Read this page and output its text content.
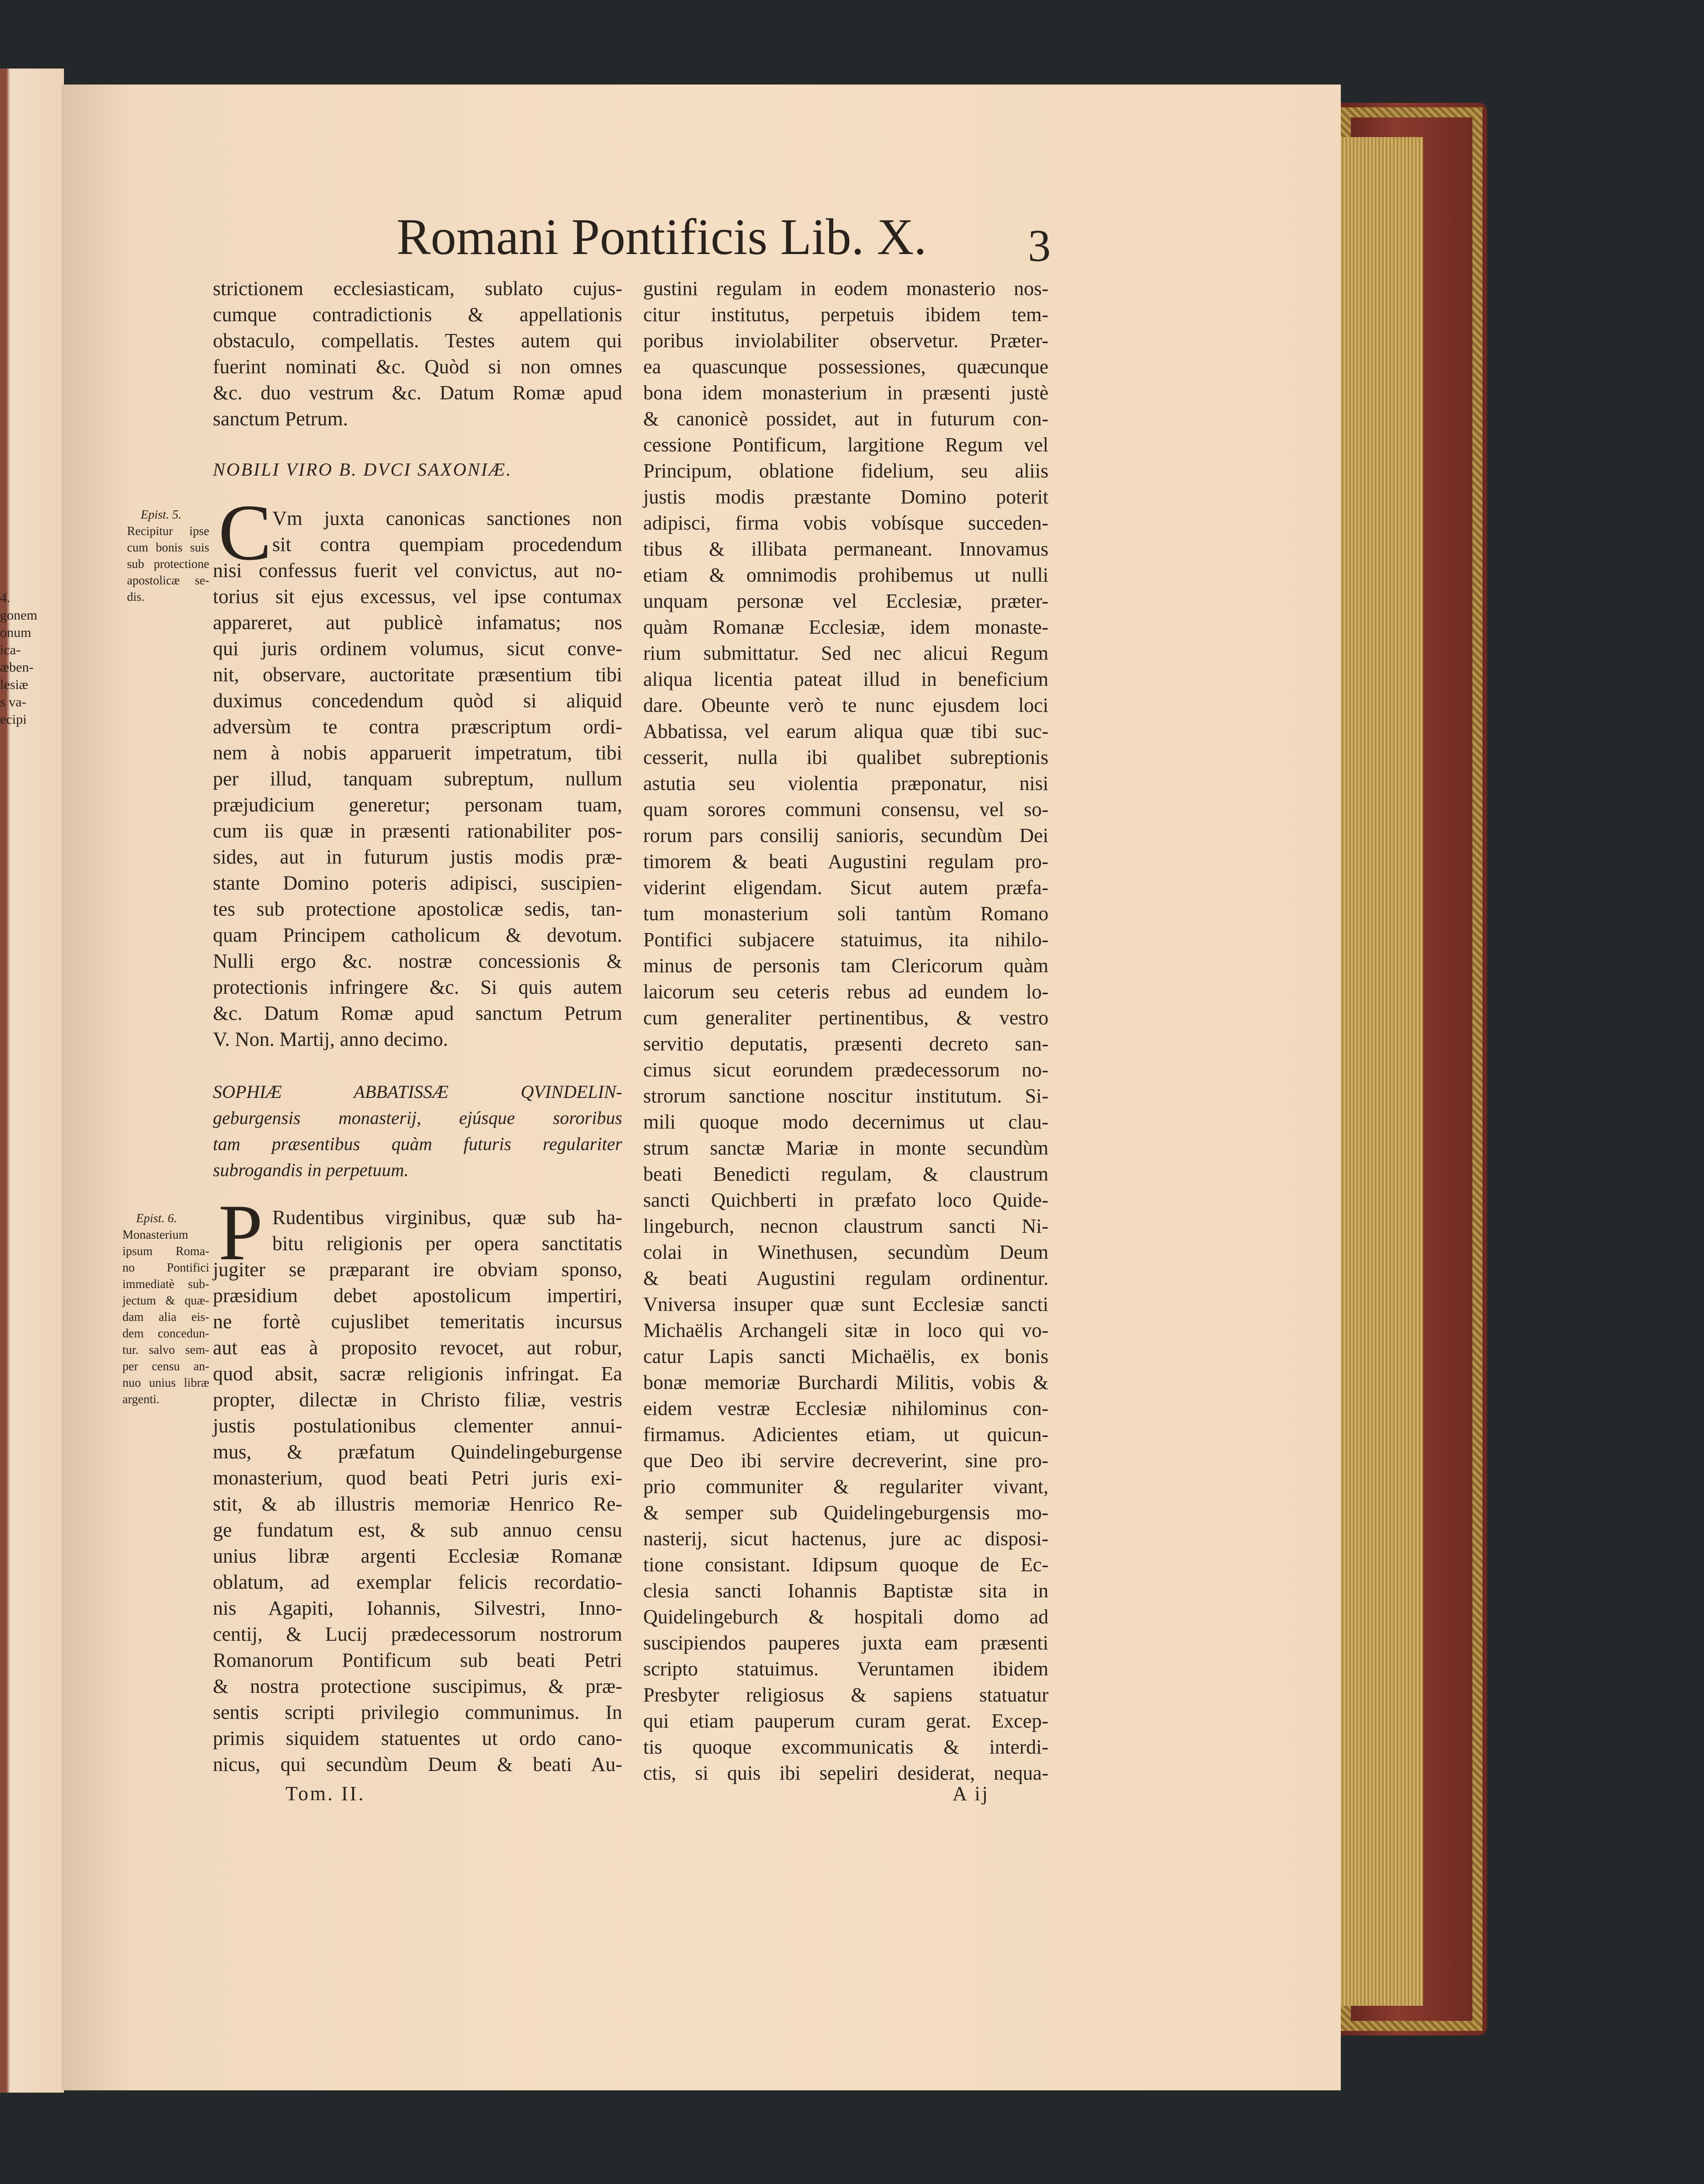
4.
gonem
onum
ica-
æben-
lesiæ
s va-
ecipi
Romani Pontificis Lib. X. 3
strictionem ecclesiasticam, sublato cujus-
cumque contradictionis & appellationis
obstaculo, compellatis. Testes autem qui
fuerint nominati &c. Quòd si non omnes
&c. duo vestrum &c. Datum Romæ apud
sanctum Petrum.
NOBILI VIRO B. DVCI SAXONIÆ.
C Vm juxta canonicas sanctiones non
sit contra quempiam procedendum
nisi confessus fuerit vel convictus, aut no-
torius sit ejus excessus, vel ipse contumax
appareret, aut publicè infamatus; nos
qui juris ordinem volumus, sicut conve-
nit, observare, auctoritate præsentium tibi
duximus concedendum quòd si aliquid
adversùm te contra præscriptum ordi-
nem à nobis apparuerit impetratum, tibi
per illud, tanquam subreptum, nullum
præjudicium generetur; personam tuam,
cum iis quæ in præsenti rationabiliter pos-
sides, aut in futurum justis modis præ-
stante Domino poteris adipisci, suscipien-
tes sub protectione apostolicæ sedis, tan-
quam Principem catholicum & devotum.
Nulli ergo &c. nostræ concessionis &
protectionis infringere &c. Si quis autem
&c. Datum Romæ apud sanctum Petrum
V. Non. Martij, anno decimo.
SOPHIÆ ABBATISSÆ QVINDELIN-
geburgensis monasterij, ejúsque sororibus
tam præsentibus quàm futuris regulariter
subrogandis in perpetuum.
P Rudentibus virginibus, quæ sub ha-
bitu religionis per opera sanctitatis
jugiter se præparant ire obviam sponso,
præsidium debet apostolicum impertiri,
ne fortè cujuslibet temeritatis incursus
aut eas à proposito revocet, aut robur,
quod absit, sacræ religionis infringat. Ea
propter, dilectæ in Christo filiæ, vestris
justis postulationibus clementer annui-
mus, & præfatum Quindelingeburgense
monasterium, quod beati Petri juris exi-
stit, & ab illustris memoriæ Henrico Re-
ge fundatum est, & sub annuo censu
unius libræ argenti Ecclesiæ Romanæ
oblatum, ad exemplar felicis recordatio-
nis Agapiti, Iohannis, Silvestri, Inno-
centij, & Lucij prædecessorum nostrorum
Romanorum Pontificum sub beati Petri
& nostra protectione suscipimus, & præ-
sentis scripti privilegio communimus. In
primis siquidem statuentes ut ordo cano-
nicus, qui secundùm Deum & beati Au-
Tom. II.
gustini regulam in eodem monasterio nos-
citur institutus, perpetuis ibidem tem-
poribus inviolabiliter observetur. Præter-
ea quascunque possessiones, quæcunque
bona idem monasterium in præsenti justè
& canonicè possidet, aut in futurum con-
cessione Pontificum, largitione Regum vel
Principum, oblatione fidelium, seu aliis
justis modis præstante Domino poterit
adipisci, firma vobis vobísque succeden-
tibus & illibata permaneant. Innovamus
etiam & omnimodis prohibemus ut nulli
unquam personæ vel Ecclesiæ, præter-
quàm Romanæ Ecclesiæ, idem monaste-
rium submittatur. Sed nec alicui Regum
aliqua licentia pateat illud in beneficium
dare. Obeunte verò te nunc ejusdem loci
Abbatissa, vel earum aliqua quæ tibi suc-
cesserit, nulla ibi qualibet subreptionis
astutia seu violentia præponatur, nisi
quam sorores communi consensu, vel so-
rorum pars consilij sanioris, secundùm Dei
timorem & beati Augustini regulam pro-
viderint eligendam. Sicut autem præfa-
tum monasterium soli tantùm Romano
Pontifici subjacere statuimus, ita nihilo-
minus de personis tam Clericorum quàm
laicorum seu ceteris rebus ad eundem lo-
cum generaliter pertinentibus, & vestro
servitio deputatis, præsenti decreto san-
cimus sicut eorundem prædecessorum no-
strorum sanctione noscitur institutum. Si-
mili quoque modo decernimus ut clau-
strum sanctæ Mariæ in monte secundùm
beati Benedicti regulam, & claustrum
sancti Quichberti in præfato loco Quide-
lingeburch, necnon claustrum sancti Ni-
colai in Winethusen, secundùm Deum
& beati Augustini regulam ordinentur.
Vniversa insuper quæ sunt Ecclesiæ sancti
Michaëlis Archangeli sitæ in loco qui vo-
catur Lapis sancti Michaëlis, ex bonis
bonæ memoriæ Burchardi Militis, vobis &
eidem vestræ Ecclesiæ nihilominus con-
firmamus. Adicientes etiam, ut quicun-
que Deo ibi servire decreverint, sine pro-
prio communiter & regulariter vivant,
& semper sub Quidelingeburgensis mo-
nasterij, sicut hactenus, jure ac disposi-
tione consistant. Idipsum quoque de Ec-
clesia sancti Iohannis Baptistæ sita in
Quidelingeburch & hospitali domo ad
suscipiendos pauperes juxta eam præsenti
scripto statuimus. Veruntamen ibidem
Presbyter religiosus & sapiens statuatur
qui etiam pauperum curam gerat. Excep-
tis quoque excommunicatis & interdi-
ctis, si quis ibi sepeliri desiderat, nequa-
A ij
Epist. 5.
Recipitur ipse
cum bonis suis
sub protectione
apostolicæ se-
dis.
Epist. 6.
Monasterium
ipsum Roma-
no Pontifici
immediatè sub-
jectum & quæ-
dam alia eis-
dem concedun-
tur. salvo sem-
per censu an-
nuo unius libræ
argenti.
